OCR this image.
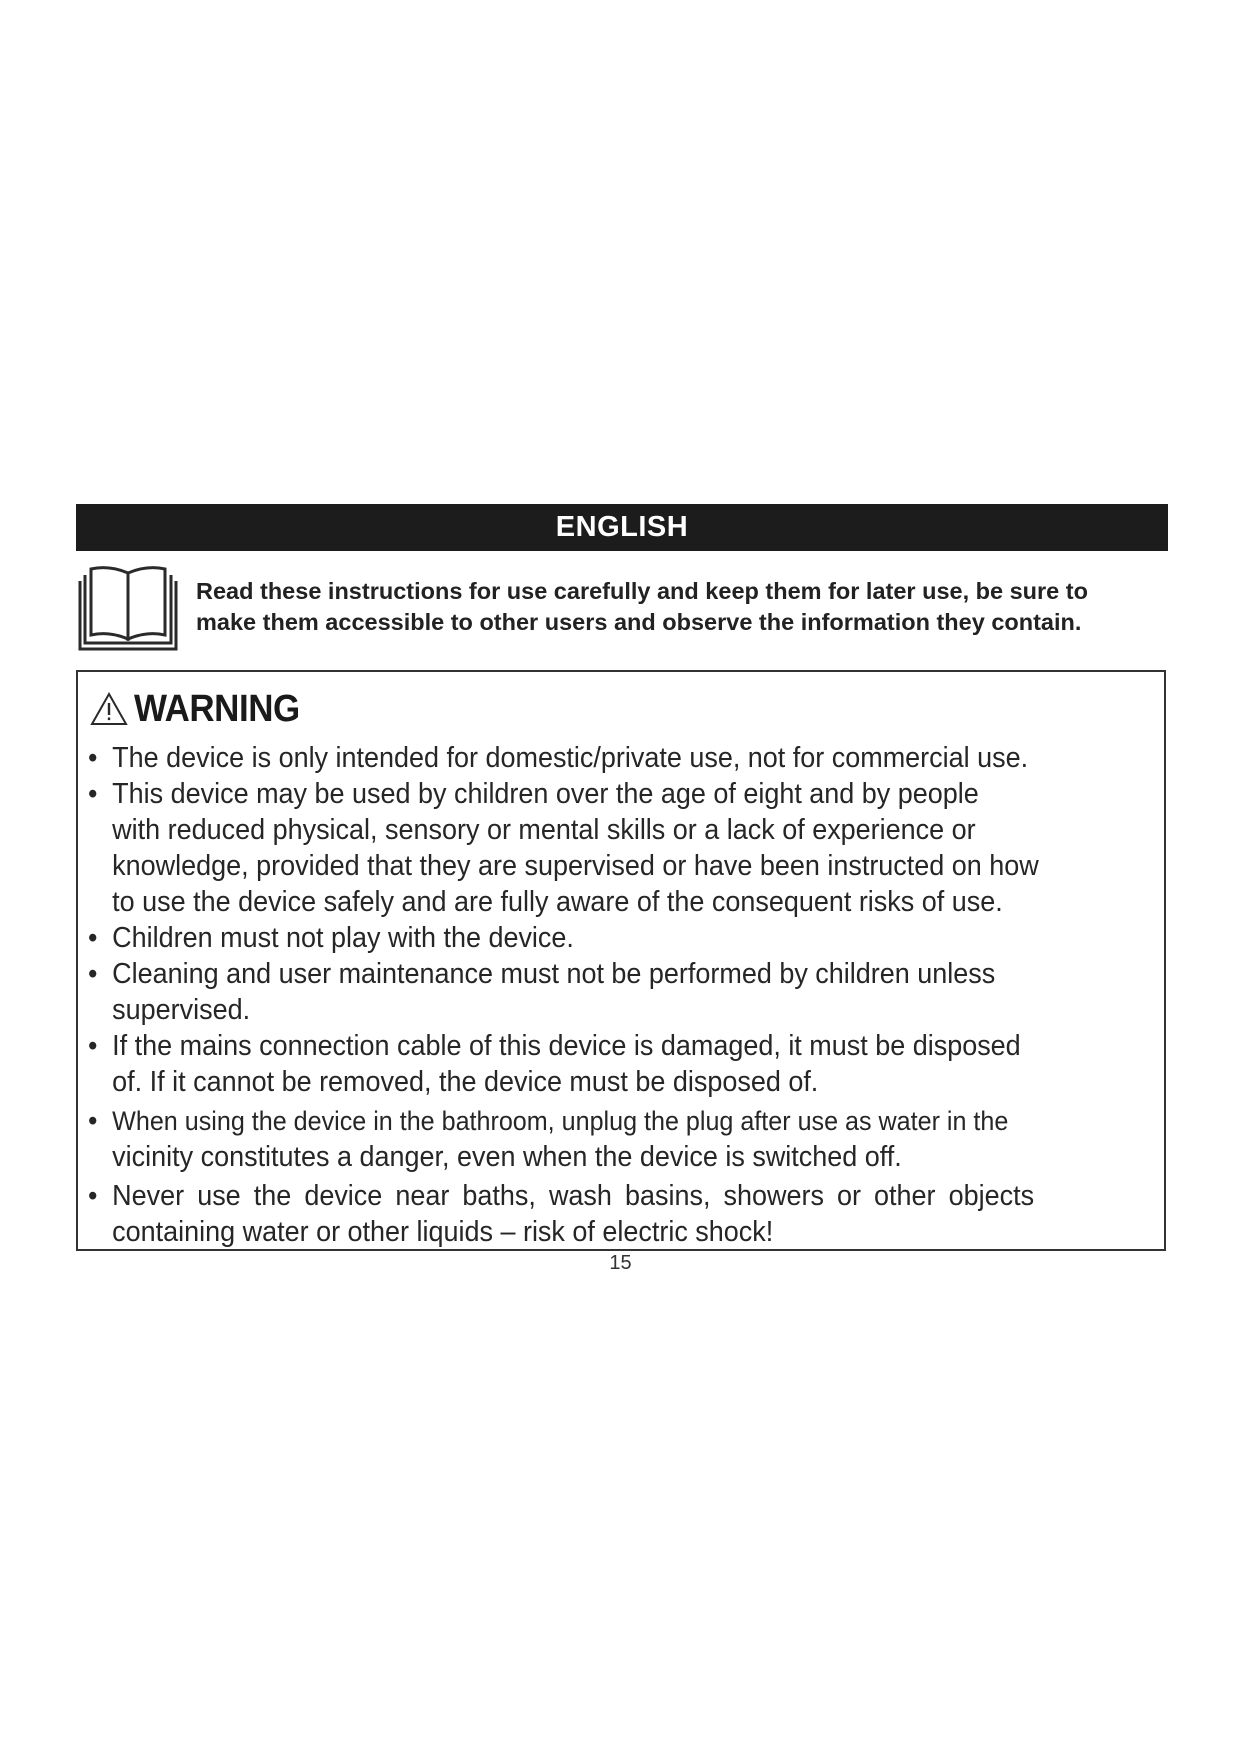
ENGLISH
Read these instructions for use carefully and keep them for later use, be sure to
make them accessible to other users and observe the information they contain.
WARNING
• The device is only intended for domestic/private use, not for commercial use.
• This device may be used by children over the age of eight and by people
with reduced physical, sensory or mental skills or a lack of experience or
knowledge, provided that they are supervised or have been instructed on how
to use the device safely and are fully aware of the consequent risks of use.
• Children must not play with the device.
• Cleaning and user maintenance must not be performed by children unless
supervised.
• If the mains connection cable of this device is damaged, it must be disposed
of. If it cannot be removed, the device must be disposed of.
• When using the device in the bathroom, unplug the plug after use as water in the
vicinity constitutes a danger, even when the device is switched off.
• Never use the device near baths, wash basins, showers or other objects
containing water or other liquids – risk of electric shock!
15
